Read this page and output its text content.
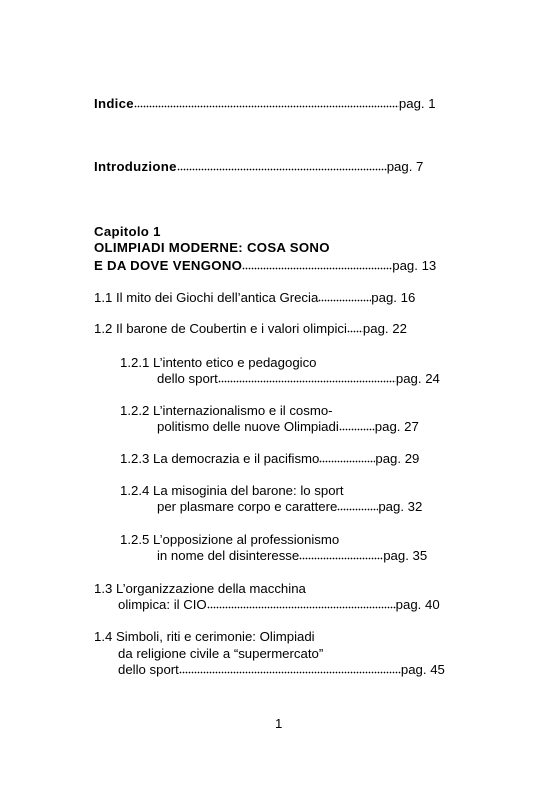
Indice	pag. 1
Introduzione	pag. 7
Capitolo 1
OLIMPIADI MODERNE: COSA SONO
E DA DOVE VENGONO	pag. 13
1.1 Il mito dei Giochi dell’antica Grecia	pag. 16
1.2 Il barone de Coubertin e i valori olimpici pag. 22
1.2.1 L’intento etico e pedagogico
dello sport	pag. 24
1.2.2 L’internazionalismo e il cosmo-
politismo delle nuove Olimpiadi	pag. 27
1.2.3 La democrazia e il pacifismo	pag. 29
1.2.4 La misoginia del barone: lo sport
per plasmare corpo e carattere	pag. 32
1.2.5 L’opposizione al professionismo
in nome del disinteresse	pag. 35
1.3 L’organizzazione della macchina
olimpica: il CIO	pag. 40
1.4 Simboli, riti e cerimonie: Olimpiadi
da religione civile a “supermercato”
dello sport	pag. 45
1
